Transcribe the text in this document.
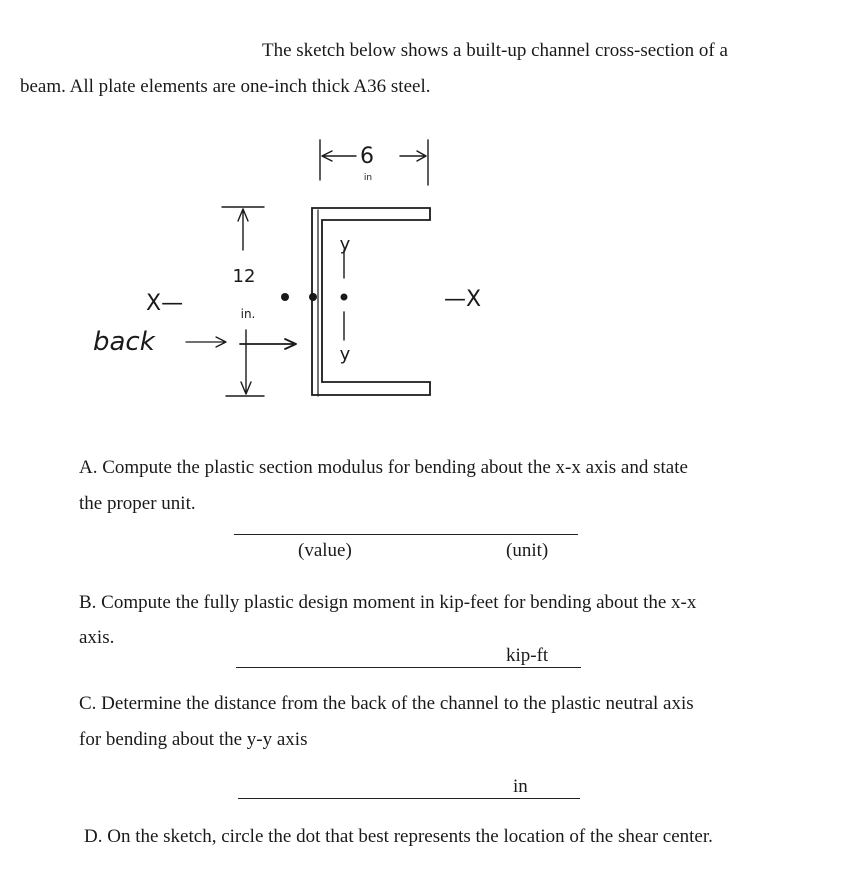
The sketch below shows a built-up channel cross-section of a
beam. All plate elements are one-inch thick A36 steel.
6
in
12
in.
X—	—X
y
y
back
A. Compute the plastic section modulus for bending about the x-x axis and state
the proper unit.
(value)	(unit)
B. Compute the fully plastic design moment in kip-feet for bending about the x-x
axis.
kip-ft
C. Determine the distance from the back of the channel to the plastic neutral axis
for bending about the y-y axis
in
D. On the sketch, circle the dot that best represents the location of the shear center.
